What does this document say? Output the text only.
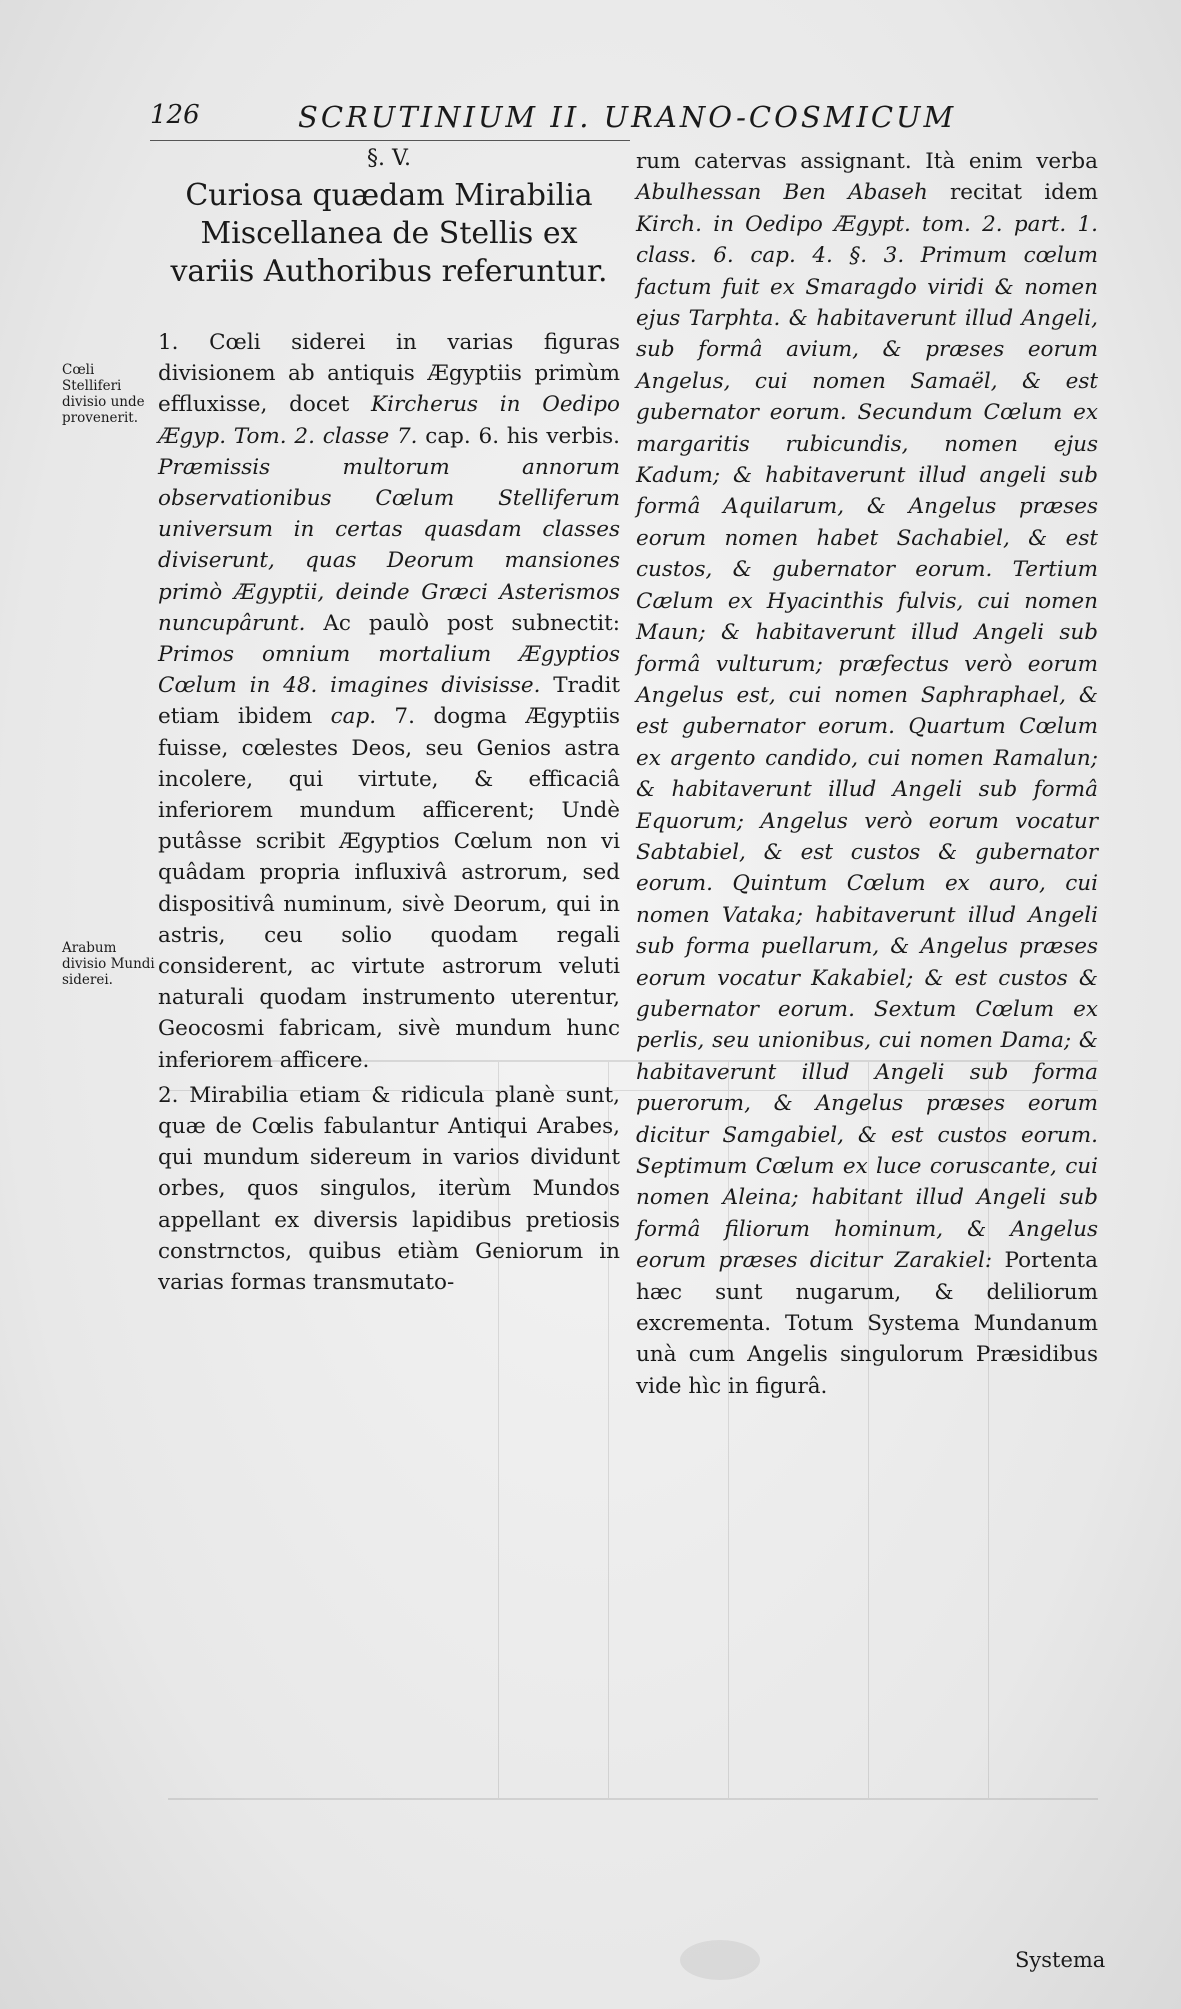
126	SCRUTINIUM II. URANO-COSMICUM
Cœli Stelliferi divisio unde provenerit.
Arabum divisio Mundi siderei.
§. V.
Curiosa quædam Mirabilia Miscellanea de Stellis ex variis Authoribus referuntur.

1. Cœli siderei in varias figuras divisionem ab antiquis Ægyptiis primùm effluxisse, docet Kircherus in Oedipo Ægyp. Tom. 2. classe 7. cap. 6. his verbis. Præmissis multorum annorum observationibus Cœlum Stelliferum universum in certas quasdam classes diviserunt, quas Deorum mansiones primò Ægyptii, deinde Græci Asterismos nuncupârunt. Ac paulò post subnectit: Primos omnium mortalium Ægyptios Cœlum in 48. imagines divisisse. Tradit etiam ibidem cap. 7. dogma Ægyptiis fuisse, cœlestes Deos, seu Genios astra incolere, qui virtute, & efficaciâ inferiorem mundum afficerent; Undè putâsse scribit Ægyptios Cœlum non vi quâdam propria influxivâ astrorum, sed dispositivâ numinum, sivè Deorum, qui in astris, ceu solio quodam regali considerent, ac virtute astrorum veluti naturali quodam instrumento uterentur, Geocosmi fabricam, sivè mundum hunc inferiorem afficere.

2. Mirabilia etiam & ridicula planè sunt, quæ de Cœlis fabulantur Antiqui Arabes, qui mundum sidereum in varios dividunt orbes, quos singulos, iterùm Mundos appellant ex diversis lapidibus pretiosis constrnctos, quibus etiàm Geniorum in varias formas transmutato-

rum catervas assignant. Ità enim verba Abulhessan Ben Abaseh recitat idem Kirch. in Oedipo Ægypt. tom. 2. part. 1. class. 6. cap. 4. §. 3. Primum cœlum factum fuit ex Smaragdo viridi & nomen ejus Tarphta. & habitaverunt illud Angeli, sub formâ avium, & præses eorum Angelus, cui nomen Samaël, & est gubernator eorum. Secundum Cœlum ex margaritis rubicundis, nomen ejus Kadum; & habitaverunt illud angeli sub formâ Aquilarum, & Angelus præses eorum nomen habet Sachabiel, & est custos, & gubernator eorum. Tertium Cælum ex Hyacinthis fulvis, cui nomen Maun; & habitaverunt illud Angeli sub formâ vulturum; præfectus verò eorum Angelus est, cui nomen Saphraphael, & est gubernator eorum. Quartum Cœlum ex argento candido, cui nomen Ramalun; & habitaverunt illud Angeli sub formâ Equorum; Angelus verò eorum vocatur Sabtabiel, & est custos & gubernator eorum. Quintum Cœlum ex auro, cui nomen Vataka; habitaverunt illud Angeli sub forma puellarum, & Angelus præses eorum vocatur Kakabiel; & est custos & gubernator eorum. Sextum Cœlum ex perlis, seu unionibus, cui nomen Dama; & habitaverunt illud Angeli sub forma puerorum, & Angelus præses eorum dicitur Samgabiel, & est custos eorum. Septimum Cœlum ex luce coruscante, cui nomen Aleina; habitant illud Angeli sub formâ filiorum hominum, & Angelus eorum præses dicitur Zarakiel: Portenta hæc sunt nugarum, & deliliorum excrementa. Totum Systema Mundanum unà cum Angelis singulorum Præsidibus vide hìc in figurâ.

Systema
